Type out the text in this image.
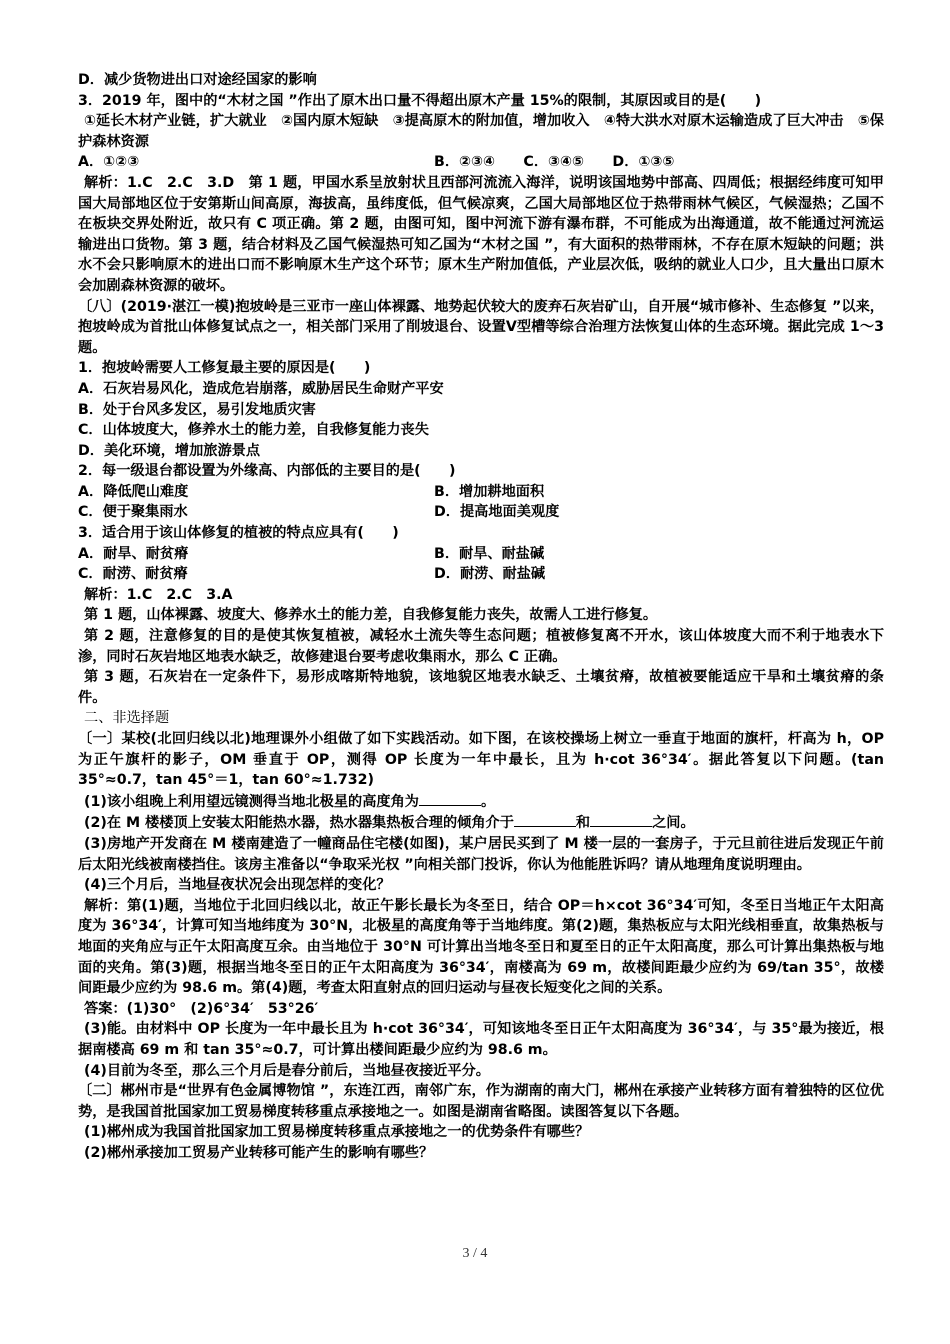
D．减少货物进出口对途经国家的影响

3．2019 年，图中的“木材之国 ”作出了原木出口量不得超出原木产量 15%的限制，其原因或目的是(　　)

①延长木材产业链，扩大就业　②国内原木短缺　③提高原木的附加值，增加收入　④特大洪水对原木运输造成了巨大冲击　⑤保护森林资源

A．①②③	B．②③④　　C．③④⑤　　D．①③⑤

解析：1.C　2.C　3.D　第 1 题，甲国水系呈放射状且西部河流流入海洋，说明该国地势中部高、四周低；根据经纬度可知甲国大局部地区位于安第斯山间高原，海拔高，虽纬度低，但气候凉爽，乙国大局部地区位于热带雨林气候区，气候湿热；乙国不在板块交界处附近，故只有 C 项正确。第 2 题，由图可知，图中河流下游有瀑布群，不可能成为出海通道，故不能通过河流运输进出口货物。第 3 题，结合材料及乙国气候湿热可知乙国为“木材之国 ”，有大面积的热带雨林，不存在原木短缺的问题；洪水不会只影响原木的进出口而不影响原木生产这个环节；原木生产附加值低，产业层次低，吸纳的就业人口少，且大量出口原木会加剧森林资源的破坏。

〔八〕(2019·湛江一模)抱坡岭是三亚市一座山体裸露、地势起伏较大的废弃石灰岩矿山，自开展“城市修补、生态修复 ”以来，抱坡岭成为首批山体修复试点之一，相关部门采用了削坡退台、设置Ⅴ型槽等综合治理方法恢复山体的生态环境。据此完成 1～3 题。

1．抱坡岭需要人工修复最主要的原因是(　　)

A．石灰岩易风化，造成危岩崩落，威胁居民生命财产平安

B．处于台风多发区，易引发地质灾害

C．山体坡度大，修养水土的能力差，自我修复能力丧失

D．美化环境，增加旅游景点

2．每一级退台都设置为外缘高、内部低的主要目的是(　　)

A．降低爬山难度	B．增加耕地面积
C．便于聚集雨水	D．提高地面美观度

3．适合用于该山体修复的植被的特点应具有(　　)

A．耐旱、耐贫瘠	B．耐旱、耐盐碱
C．耐涝、耐贫瘠	D．耐涝、耐盐碱

解析：1.C　2.C　3.A

第 1 题，山体裸露、坡度大、修养水土的能力差，自我修复能力丧失，故需人工进行修复。

第 2 题，注意修复的目的是使其恢复植被，减轻水土流失等生态问题；植被修复离不开水，该山体坡度大而不利于地表水下渗，同时石灰岩地区地表水缺乏，故修建退台要考虑收集雨水，那么 C 正确。

第 3 题，石灰岩在一定条件下，易形成喀斯特地貌，该地貌区地表水缺乏、土壤贫瘠，故植被要能适应干旱和土壤贫瘠的条件。

二、非选择题

〔一〕某校(北回归线以北)地理课外小组做了如下实践活动。如下图，在该校操场上树立一垂直于地面的旗杆，杆高为 h，OP 为正午旗杆的影子，OM 垂直于 OP，测得 OP 长度为一年中最长，且为 h·cot 36°34′。据此答复以下问题。(tan 35°≈0.7，tan 45°＝1，tan 60°≈1.732)

(1)该小组晚上利用望远镜测得当地北极星的高度角为	。

(2)在 M 楼楼顶上安装太阳能热水器，热水器集热板合理的倾角介于	和	之间。

(3)房地产开发商在 M 楼南建造了一幢商品住宅楼(如图)，某户居民买到了 M 楼一层的一套房子，于元旦前往进后发现正午前后太阳光线被南楼挡住。该房主准备以“争取采光权 ”向相关部门投诉，你认为他能胜诉吗？请从地理角度说明理由。

(4)三个月后，当地昼夜状况会出现怎样的变化？

解析：第(1)题，当地位于北回归线以北，故正午影长最长为冬至日，结合 OP＝h×cot 36°34′可知，冬至日当地正午太阳高度为 36°34′，计算可知当地纬度为 30°N，北极星的高度角等于当地纬度。第(2)题，集热板应与太阳光线相垂直，故集热板与地面的夹角应与正午太阳高度互余。由当地位于 30°N 可计算出当地冬至日和夏至日的正午太阳高度，那么可计算出集热板与地面的夹角。第(3)题，根据当地冬至日的正午太阳高度为 36°34′，南楼高为 69 m，故楼间距最少应约为 69/tan 35°，故楼间距最少应约为 98.6 m。第(4)题，考查太阳直射点的回归运动与昼夜长短变化之间的关系。

答案：(1)30°　(2)6°34′　53°26′

(3)能。由材料中 OP 长度为一年中最长且为 h·cot 36°34′，可知该地冬至日正午太阳高度为 36°34′，与 35°最为接近，根据南楼高 69 m 和 tan 35°≈0.7，可计算出楼间距最少应约为 98.6 m。

(4)目前为冬至，那么三个月后是春分前后，当地昼夜接近平分。

〔二〕郴州市是“世界有色金属博物馆 ”，东连江西，南邻广东，作为湖南的南大门，郴州在承接产业转移方面有着独特的区位优势，是我国首批国家加工贸易梯度转移重点承接地之一。如图是湖南省略图。读图答复以下各题。

(1)郴州成为我国首批国家加工贸易梯度转移重点承接地之一的优势条件有哪些？

(2)郴州承接加工贸易产业转移可能产生的影响有哪些？

3 / 4
